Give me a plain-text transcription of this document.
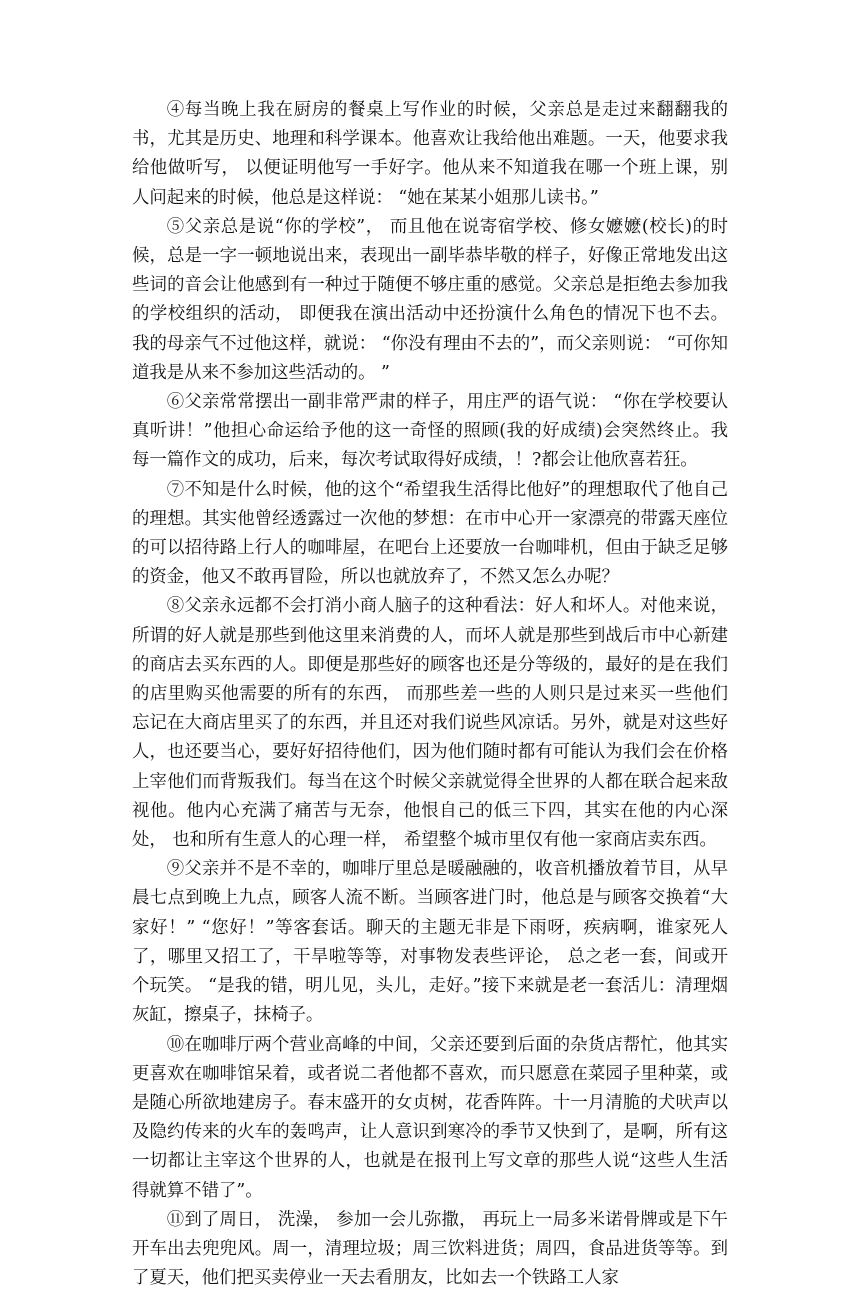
④每当晚上我在厨房的餐桌上写作业的时候，父亲总是走过来翻翻我的书，尤其是历史、地理和科学课本。他喜欢让我给他出难题。一天，他要求我给他做听写， 以便证明他写一手好字。他从来不知道我在哪一个班上课，别人问起来的时候，他总是这样说： “她在某某小姐那儿读书。”

⑤父亲总是说“你的学校”， 而且他在说寄宿学校、修女嬷嬷(校长)的时候，总是一字一顿地说出来，表现出一副毕恭毕敬的样子，好像正常地发出这些词的音会让他感到有一种过于随便不够庄重的感觉。父亲总是拒绝去参加我的学校组织的活动， 即便我在演出活动中还扮演什么角色的情况下也不去。我的母亲气不过他这样，就说： “你没有理由不去的”，而父亲则说： “可你知道我是从来不参加这些活动的。 ”

⑥父亲常常摆出一副非常严肃的样子，用庄严的语气说： “你在学校要认真听讲！”他担心命运给予他的这一奇怪的照顾(我的好成绩)会突然终止。我每一篇作文的成功，后来，每次考试取得好成绩，！?都会让他欣喜若狂。

⑦不知是什么时候，他的这个“希望我生活得比他好”的理想取代了他自己的理想。其实他曾经透露过一次他的梦想：在市中心开一家漂亮的带露天座位的可以招待路上行人的咖啡屋，在吧台上还要放一台咖啡机，但由于缺乏足够的资金，他又不敢再冒险，所以也就放弃了，不然又怎么办呢？

⑧父亲永远都不会打消小商人脑子的这种看法：好人和坏人。对他来说，所谓的好人就是那些到他这里来消费的人，而坏人就是那些到战后市中心新建的商店去买东西的人。即便是那些好的顾客也还是分等级的，最好的是在我们的店里购买他需要的所有的东西， 而那些差一些的人则只是过来买一些他们忘记在大商店里买了的东西，并且还对我们说些风凉话。另外，就是对这些好人，也还要当心，要好好招待他们，因为他们随时都有可能认为我们会在价格上宰他们而背叛我们。每当在这个时候父亲就觉得全世界的人都在联合起来敌视他。他内心充满了痛苦与无奈，他恨自己的低三下四，其实在他的内心深处， 也和所有生意人的心理一样， 希望整个城市里仅有他一家商店卖东西。

⑨父亲并不是不幸的，咖啡厅里总是暖融融的，收音机播放着节目，从早晨七点到晚上九点，顾客人流不断。当顾客进门时，他总是与顾客交换着“大家好！” “您好！”等客套话。聊天的主题无非是下雨呀，疾病啊，谁家死人了，哪里又招工了，干旱啦等等，对事物发表些评论， 总之老一套，间或开个玩笑。 “是我的错，明儿见，头儿，走好。”接下来就是老一套活儿：清理烟灰缸，擦桌子，抹椅子。

⑩在咖啡厅两个营业高峰的中间，父亲还要到后面的杂货店帮忙，他其实更喜欢在咖啡馆呆着，或者说二者他都不喜欢，而只愿意在菜园子里种菜，或是随心所欲地建房子。春末盛开的女贞树，花香阵阵。十一月清脆的犬吠声以及隐约传来的火车的轰鸣声，让人意识到寒冷的季节又快到了，是啊，所有这一切都让主宰这个世界的人，也就是在报刊上写文章的那些人说“这些人生活得就算不错了”。

⑪到了周日， 洗澡， 参加一会儿弥撒， 再玩上一局多米诺骨牌或是下午开车出去兜兜风。周一，清理垃圾；周三饮料进货；周四，食品进货等等。到了夏天，他们把买卖停业一天去看朋友，比如去一个铁路工人家
